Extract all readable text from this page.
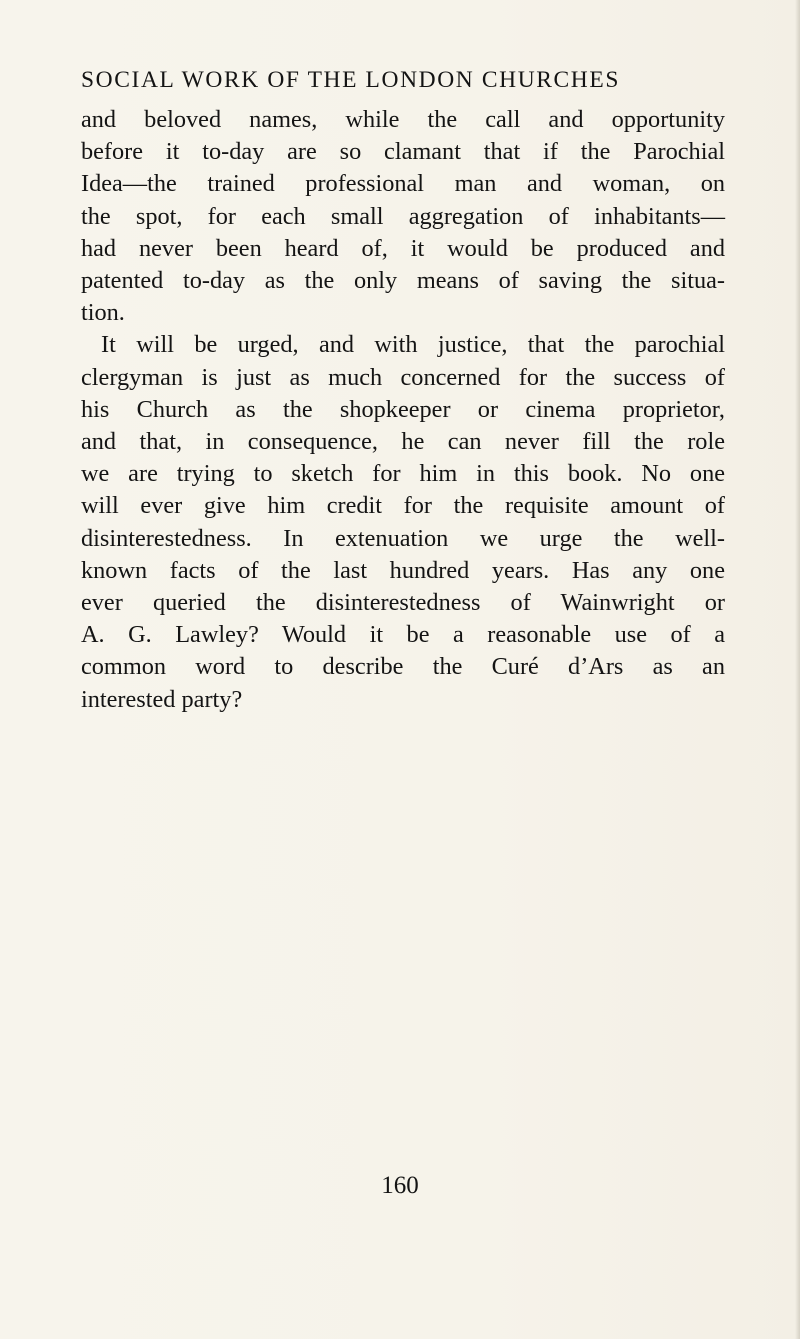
SOCIAL WORK OF THE LONDON CHURCHES
and beloved names, while the call and opportunity
before it to-day are so clamant that if the Parochial
Idea—the trained professional man and woman, on
the spot, for each small aggregation of inhabitants—
had never been heard of, it would be produced and
patented to-day as the only means of saving the situa-
tion.
It will be urged, and with justice, that the parochial
clergyman is just as much concerned for the success of
his Church as the shopkeeper or cinema proprietor,
and that, in consequence, he can never fill the role
we are trying to sketch for him in this book. No one
will ever give him credit for the requisite amount of
disinterestedness. In extenuation we urge the well-
known facts of the last hundred years. Has any one
ever queried the disinterestedness of Wainwright or
A. G. Lawley? Would it be a reasonable use of a
common word to describe the Curé d’Ars as an
interested party?
160
